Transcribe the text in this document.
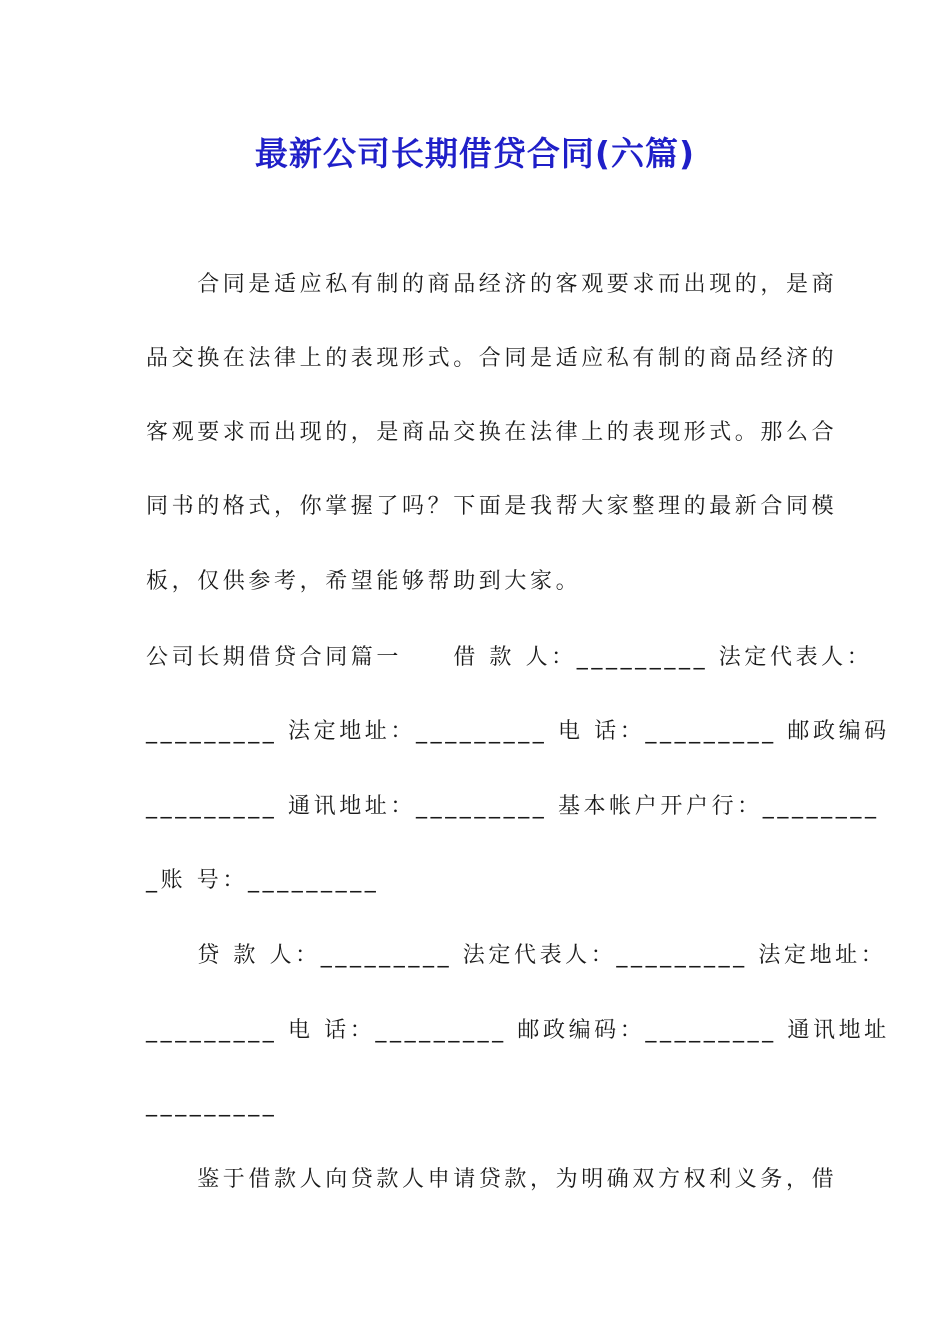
最新公司长期借贷合同(六篇)
　　合同是适应私有制的商品经济的客观要求而出现的，是商
品交换在法律上的表现形式。合同是适应私有制的商品经济的
客观要求而出现的，是商品交换在法律上的表现形式。那么合
同书的格式，你掌握了吗？下面是我帮大家整理的最新合同模
板，仅供参考，希望能够帮助到大家。
公司长期借贷合同篇一　　借 款 人：_________ 法定代表人：
_________ 法定地址：_________ 电 话：_________ 邮政编码
_________ 通讯地址：_________ 基本帐户开户行：________
_账 号：_________
　　贷 款 人：_________ 法定代表人：_________ 法定地址：
_________ 电 话：_________ 邮政编码：_________ 通讯地址
_________
　　鉴于借款人向贷款人申请贷款，为明确双方权利义务，借
